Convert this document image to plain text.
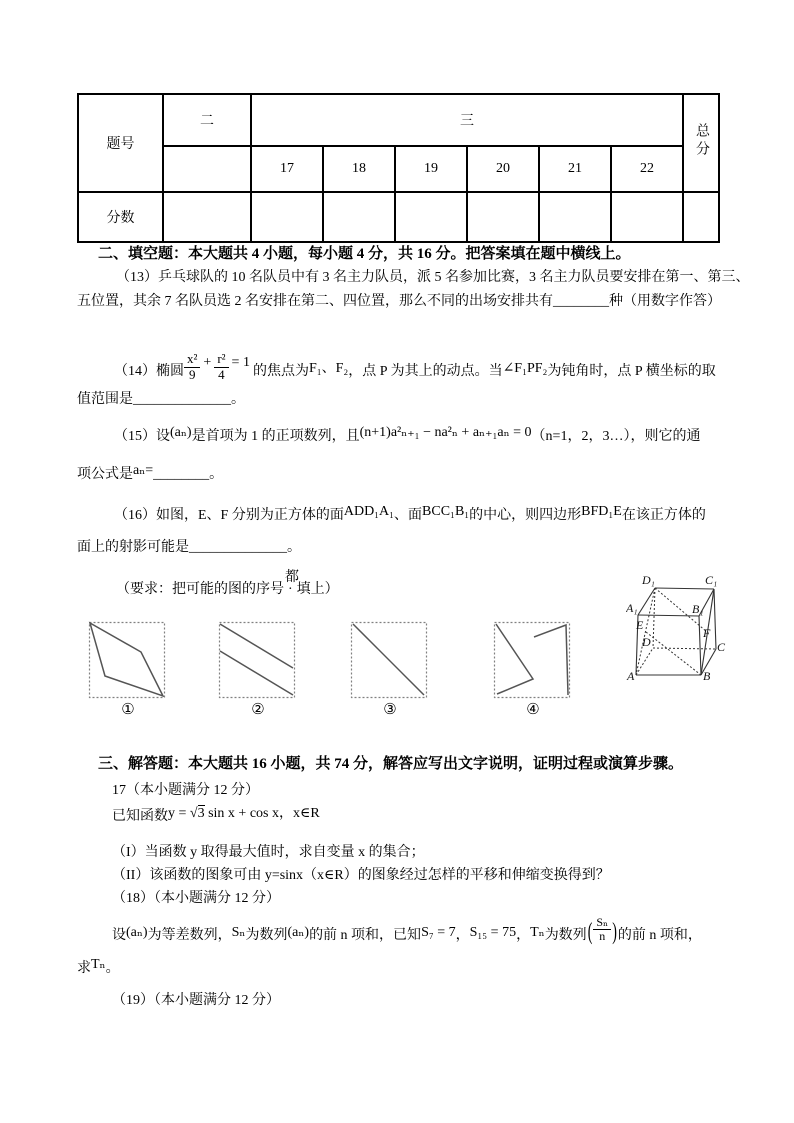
题号	二	三						总分
		17	18	19	20	21	22	
分数								
二、填空题：本大题共 4 小题，每小题 4 分，共 16 分。把答案填在题中横线上。
（13）乒乓球队的 10 名队员中有 3 名主力队员，派 5 名参加比赛，3 名主力队员要安排在第一、第三、
五位置，其余 7 名队员选 2 名安排在第二、四位置，那么不同的出场安排共有________种（用数字作答）
（14）椭圆 $\frac{\text{x²}}{9} + \frac{\text{r²}}{4} = 1$
的焦点为 F₁、F₂ ，点 P 为其上的动点。当 ∠F₁PF₂ 为钝角时，点 P 横坐标的取
值范围是______________。
（15）设(aₙ)是首项为 1 的正项数列，且(n+1)a²ₙ₊₁ − na²ₙ + aₙ₊₁aₙ = 0（n=1，2，3…），则它的通
项公式是aₙ=________。
（16）如图，E、F 分别为正方体的面ADD₁A₁、面BCC₁B₁的中心，则四边形BFD₁E在该正方体的
面上的射影可能是______________。
（要求：把可能的图的序号
都
· 填上）
①	②	③	④
D₁	C₁
A₁	B₁
E
F
D	C
A	B
三、解答题：本大题共 16 小题，共 74 分，解答应写出文字说明，证明过程或演算步骤。
17（本小题满分 12 分）
已知函数 y = √ 3 sin x + cos x，x∈R
（I）当函数 y 取得最大值时，求自变量 x 的集合；
（II）该函数的图象可由 y=sinx（x∈R）的图象经过怎样的平移和伸缩变换得到？
（18）（本小题满分 12 分）
设 (aₙ) 为等差数列， Sₙ 为数列 (aₙ) 的前 n 项和，已知 S₇ = 7 ， S₁₅ = 75 ， Tₙ 为数列 ( $\frac{\text{Sₙ}}{n}$ ) 的前 n 项和，
求Tₙ。
（19）（本小题满分 12 分）
